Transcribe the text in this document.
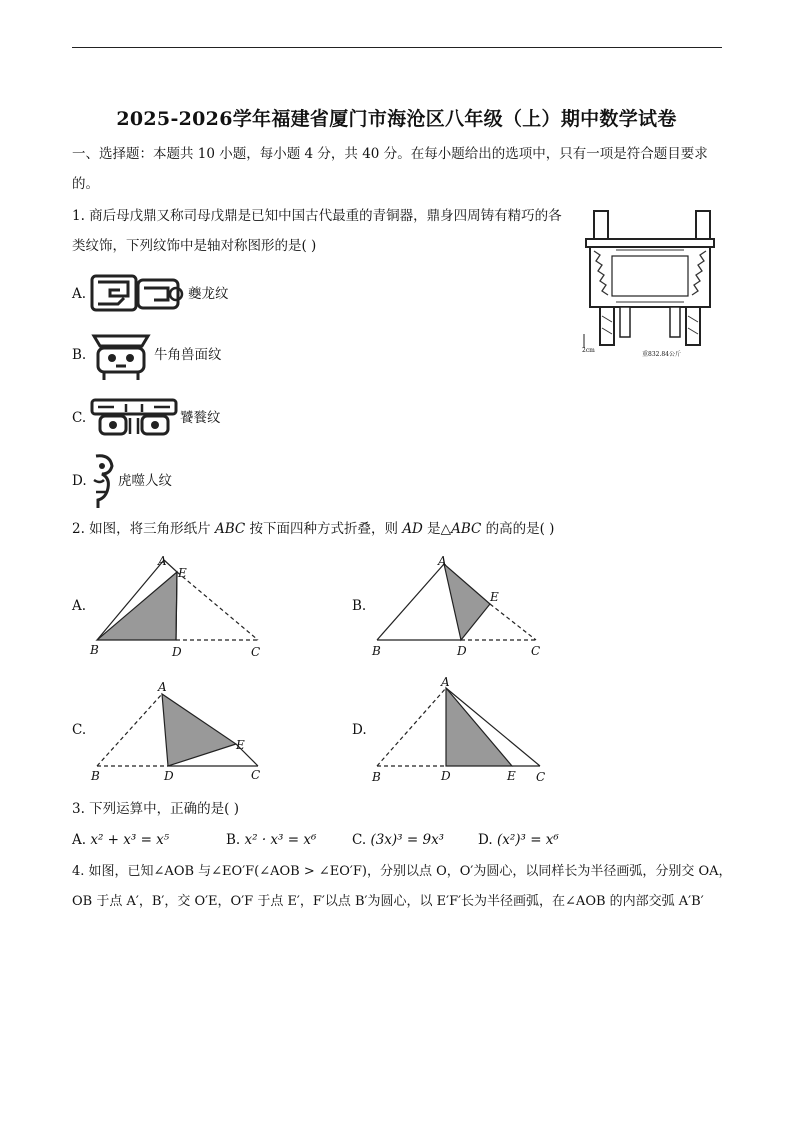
2025-2026学年福建省厦门市海沧区八年级（上）期中数学试卷
一、选择题：本题共 10 小题，每小题 4 分，共 40 分。在每小题给出的选项中，只有一项是符合题目要求
的。
1. 商后母戊鼎又称司母戊鼎是已知中国古代最重的青铜器，鼎身四周铸有精巧的各
类纹饰，下列纹饰中是轴对称图形的是( )
2cm
重832.84公斤
A.	夔龙纹
B.	牛角兽面纹
C.	饕餮纹
D. 虎噬人纹
2. 如图，将三角形纸片 ABC 按下面四种方式折叠，则 AD 是△ABC 的高的是( )
A.
A
E
B	D	C
B.
A
E
B	D	C
C.
A
E
B	D	C
D.
A
B	D	E C
3. 下列运算中，正确的是( )
A. x² + x³ = x⁵	B. x² · x³ = x⁶	C. (3x)³ = 9x³	D. (x²)³ = x⁶
4. 如图，已知∠AOB 与∠EO′F(∠AOB > ∠EO′F)，分别以点 O，O′为圆心，以同样长为半径画弧，分别交 OA，
OB 于点 A′，B′，交 O′E，O′F 于点 E′，F′以点 B′为圆心，以 E′F′长为半径画弧，在∠AOB 的内部交弧 A′B′
